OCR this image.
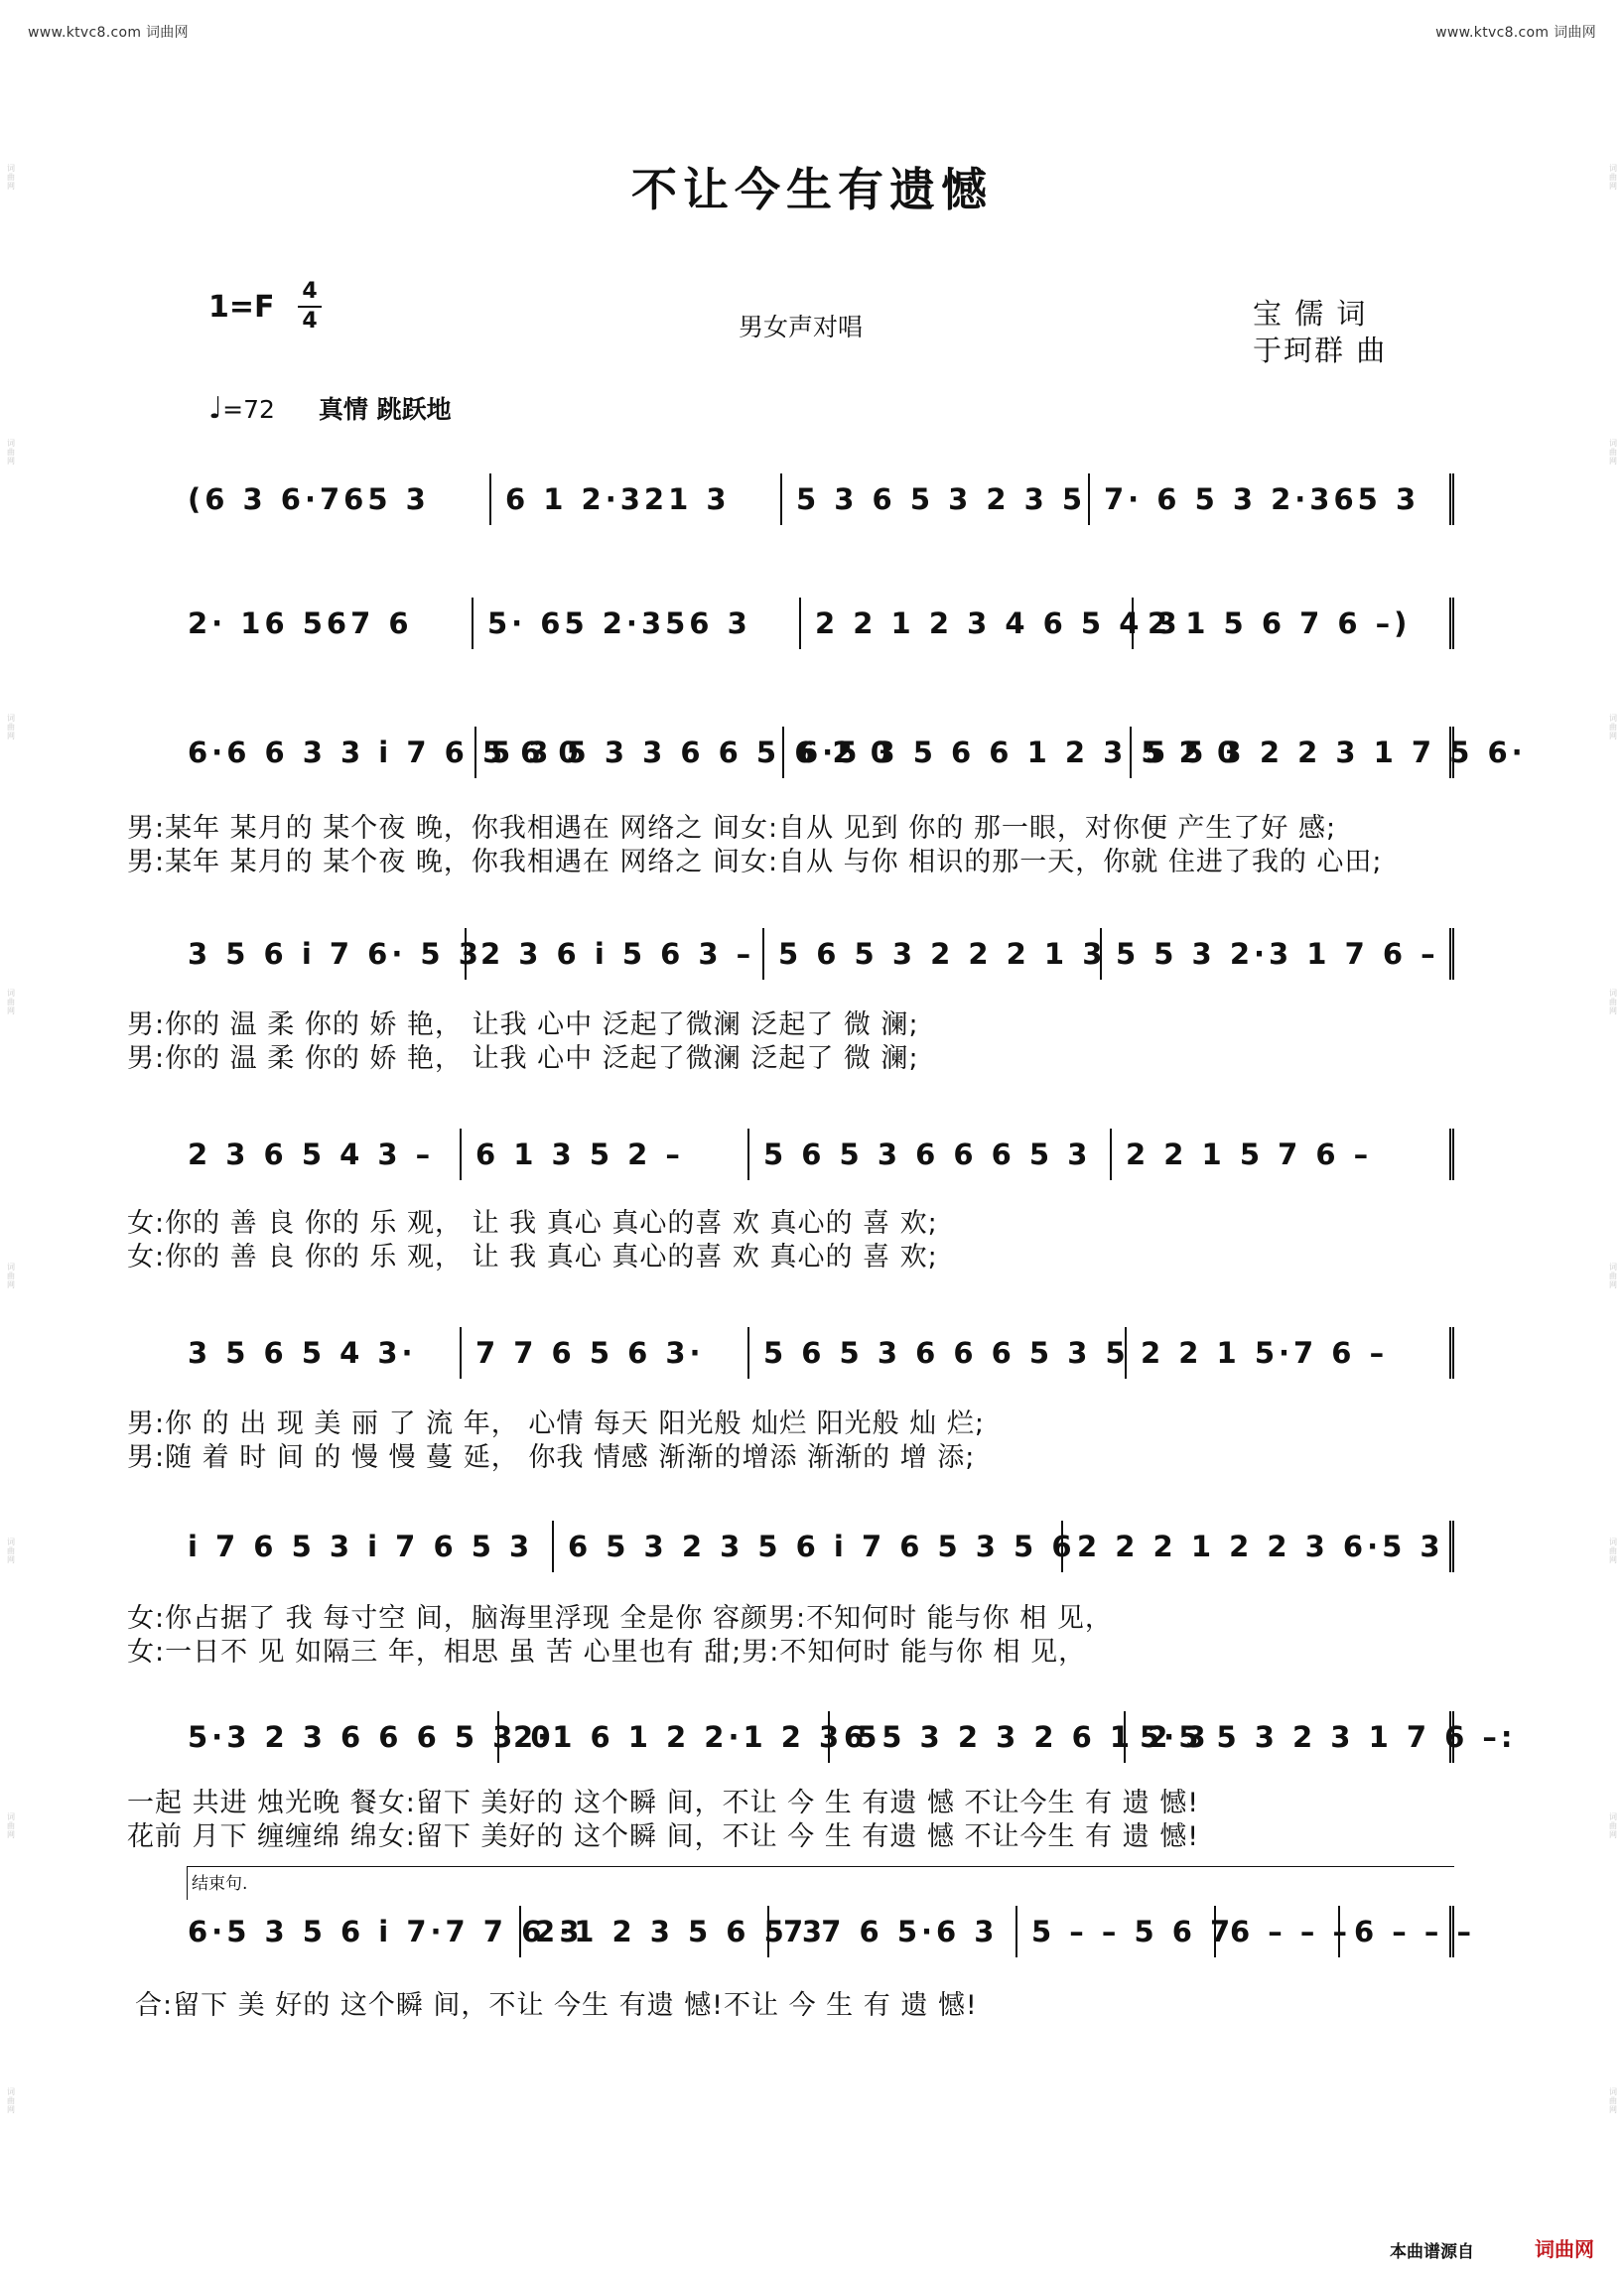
www.ktvc8.com 词曲网	www.ktvc8.com 词曲网
词曲网
词曲网
词曲网
词曲网
词曲网
词曲网
词曲网
词曲网
词曲网
词曲网
词曲网
词曲网
词曲网
词曲网
词曲网
词曲网
不让今生有遗憾
1=F 4
4	男女声对唱	宝 儒 词
于珂群 曲
♩=72 真情 跳跃地
(6 3 6·765 3	6 1 2·321 3	5 3 6 5 3 2 3 5 7· 6 5 3 2·365 3
2· 16 567 6	5· 65 2·356 3	2 2 1 2 3 4 6 5 4 3
2 1 5 6 7 6 –)
6·6 6 3 3 i 7 6 5 6 0
5 3 5 3 3 6 6 5 6 2 0
6·5 3 5 6 6 1 2 3 5 2 0
5 5 3 2 2 3 1 7 5 6·
男:某年 某月的 某个夜 晚，你我相遇在 网络之 间女:自从 见到 你的 那一眼，对你便 产生了好 感;
男:某年 某月的 某个夜 晚，你我相遇在 网络之 间女:自从 与你 相识的那一天，你就 住进了我的 心田;
3 5 6 i 7 6· 5 3
2 3 6 i 5 6 3 – 5 6 5 3 2 2 2 1 3 5 5 3 2·3 1 7 6 –
男:你的 温 柔 你的 娇 艳， 让我 心中 泛起了微澜 泛起了 微 澜;
男:你的 温 柔 你的 娇 艳， 让我 心中 泛起了微澜 泛起了 微 澜;
2 3 6 5 4 3 –	6 1 3 5 2 –	5 6 5 3 6 6 6 5 3	2 2 1 5 7 6 –
女:你的 善 良 你的 乐 观， 让 我 真心 真心的喜 欢 真心的 喜 欢;
女:你的 善 良 你的 乐 观， 让 我 真心 真心的喜 欢 真心的 喜 欢;
3 5 6 5 4 3·	7 7 6 5 6 3·	5 6 5 3 6 6 6 5 3 5 2 2 1 5·7 6 –
男:你 的 出 现 美 丽 了 流 年， 心情 每天 阳光般 灿烂 阳光般 灿 烂;
男:随 着 时 间 的 慢 慢 蔓 延， 你我 情感 渐渐的增添 渐渐的 增 添;
i 7 6 5 3 i 7 6 5 3	6 5 3 2 3 5 6 i 7 6 5 3 5 6 2 2 2 1 2 2 3 6·5 3
女:你占据了 我 每寸空 间，脑海里浮现 全是你 容颜男:不知何时 能与你 相 见，
女:一日不 见 如隔三 年，相思 虽 苦 心里也有 甜;男:不知何时 能与你 相 见，
5·3 2 3 6 6 6 5 3 0
2·1 6 1 2 2·1 2 3 5
6 5 3 2 3 2 6 1 2 3
5·5 5 3 2 3 1 7 6 –:
一起 共进 烛光晚 餐女:留下 美好的 这个瞬 间，不让 今 生 有遗 憾 不让今生 有 遗 憾!
花前 月下 缠缠绵 绵女:留下 美好的 这个瞬 间，不让 今 生 有遗 憾 不让今生 有 遗 憾!
结束句.
6·5 3 5 6 i 7·7 7 6 3
2·1 2 3 5 6 5 3
7 7 6 5·6 3	5 – – 5 6 7
6 – – – 6 – – –
合:留下 美 好的 这个瞬 间，不让 今生 有遗 憾!不让 今 生 有 遗 憾!
本曲谱源自	词曲网
